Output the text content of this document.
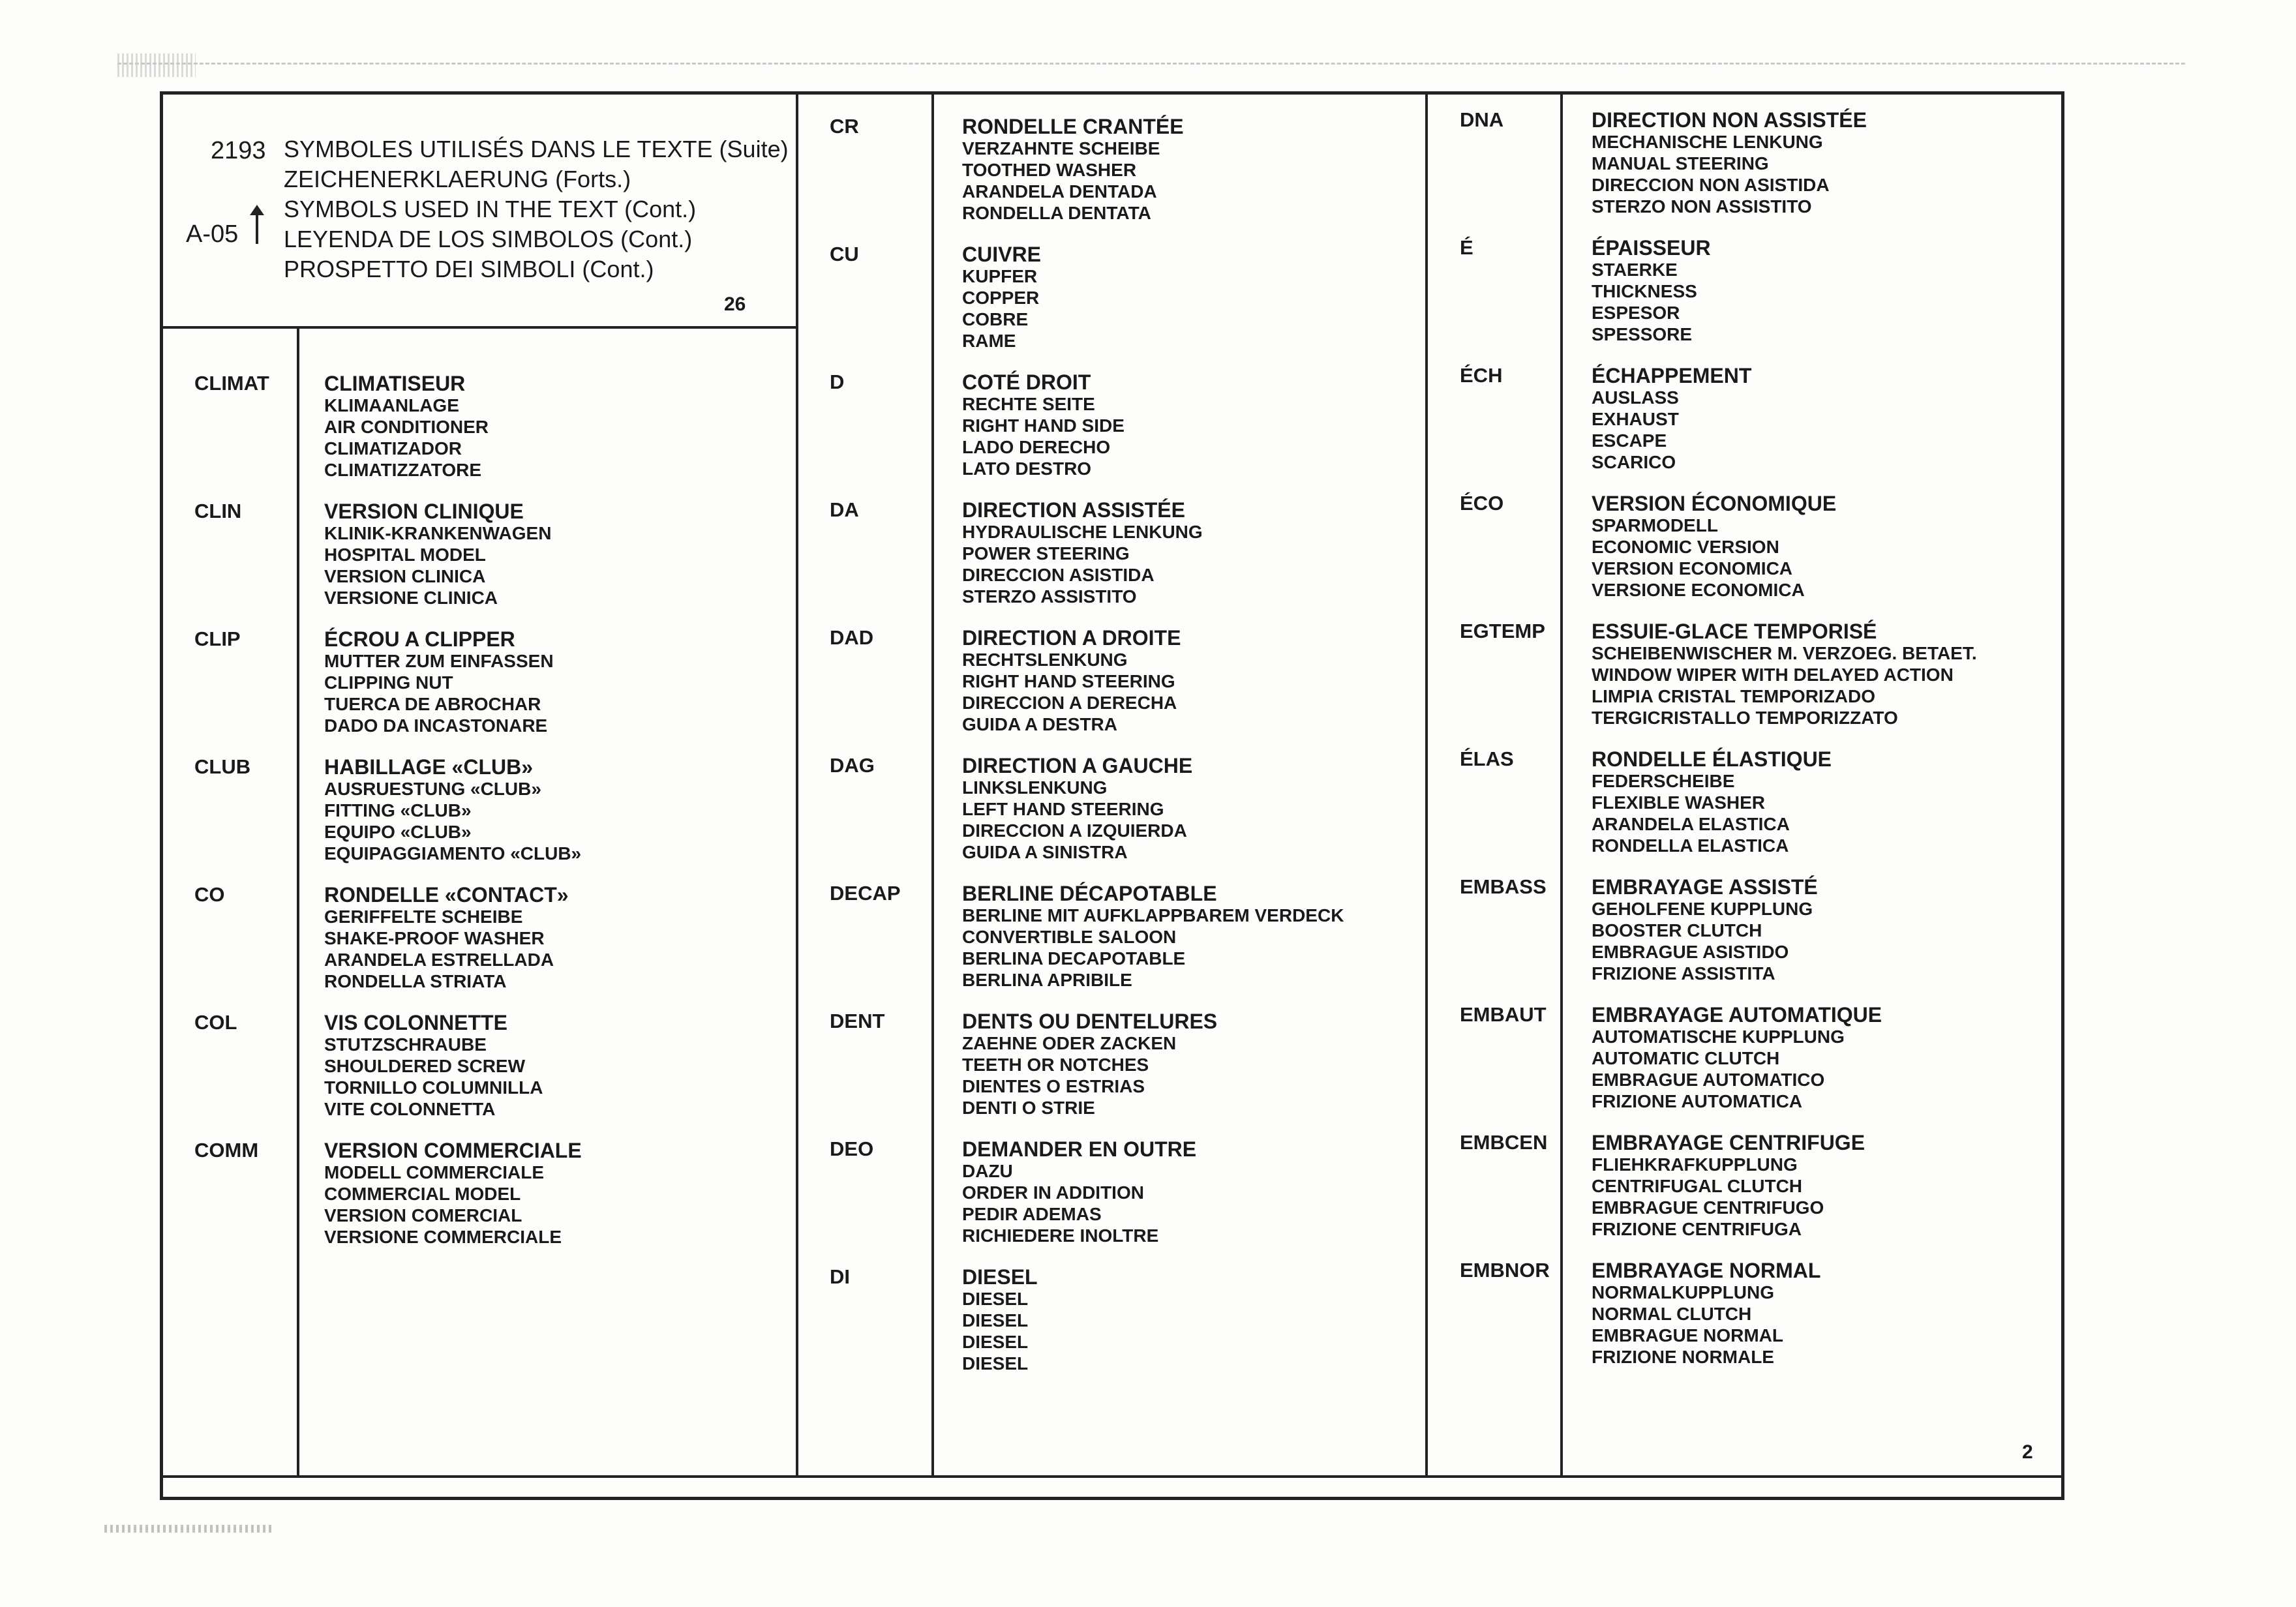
2193
A-05
SYMBOLES UTILISÉS DANS LE TEXTE (Suite)
ZEICHENERKLAERUNG (Forts.)
SYMBOLS USED IN THE TEXT (Cont.)
LEYENDA DE LOS SIMBOLOS (Cont.)
PROSPETTO DEI SIMBOLI (Cont.)
26
CLIMAT	CLIMATISEUR
KLIMAANLAGE
AIR CONDITIONER
CLIMATIZADOR
CLIMATIZZATORE
CLIN	VERSION CLINIQUE
KLINIK-KRANKENWAGEN
HOSPITAL MODEL
VERSION CLINICA
VERSIONE CLINICA
CLIP	ÉCROU A CLIPPER
MUTTER ZUM EINFASSEN
CLIPPING NUT
TUERCA DE ABROCHAR
DADO DA INCASTONARE
CLUB	HABILLAGE «CLUB»
AUSRUESTUNG «CLUB»
FITTING «CLUB»
EQUIPO «CLUB»
EQUIPAGGIAMENTO «CLUB»
CO	RONDELLE «CONTACT»
GERIFFELTE SCHEIBE
SHAKE-PROOF WASHER
ARANDELA ESTRELLADA
RONDELLA STRIATA
COL	VIS COLONNETTE
STUTZSCHRAUBE
SHOULDERED SCREW
TORNILLO COLUMNILLA
VITE COLONNETTA
COMM	VERSION COMMERCIALE
MODELL COMMERCIALE
COMMERCIAL MODEL
VERSION COMERCIAL
VERSIONE COMMERCIALE
CR	RONDELLE CRANTÉE
VERZAHNTE SCHEIBE
TOOTHED WASHER
ARANDELA DENTADA
RONDELLA DENTATA
CU	CUIVRE
KUPFER
COPPER
COBRE
RAME
D	COTÉ DROIT
RECHTE SEITE
RIGHT HAND SIDE
LADO DERECHO
LATO DESTRO
DA	DIRECTION ASSISTÉE
HYDRAULISCHE LENKUNG
POWER STEERING
DIRECCION ASISTIDA
STERZO ASSISTITO
DAD	DIRECTION A DROITE
RECHTSLENKUNG
RIGHT HAND STEERING
DIRECCION A DERECHA
GUIDA A DESTRA
DAG	DIRECTION A GAUCHE
LINKSLENKUNG
LEFT HAND STEERING
DIRECCION A IZQUIERDA
GUIDA A SINISTRA
DECAP	BERLINE DÉCAPOTABLE
BERLINE MIT AUFKLAPPBAREM VERDECK
CONVERTIBLE SALOON
BERLINA DECAPOTABLE
BERLINA APRIBILE
DENT	DENTS OU DENTELURES
ZAEHNE ODER ZACKEN
TEETH OR NOTCHES
DIENTES O ESTRIAS
DENTI O STRIE
DEO	DEMANDER EN OUTRE
DAZU
ORDER IN ADDITION
PEDIR ADEMAS
RICHIEDERE INOLTRE
DI	DIESEL
DIESEL
DIESEL
DIESEL
DIESEL
DNA	DIRECTION NON ASSISTÉE
MECHANISCHE LENKUNG
MANUAL STEERING
DIRECCION NON ASISTIDA
STERZO NON ASSISTITO
É	ÉPAISSEUR
STAERKE
THICKNESS
ESPESOR
SPESSORE
ÉCH	ÉCHAPPEMENT
AUSLASS
EXHAUST
ESCAPE
SCARICO
ÉCO	VERSION ÉCONOMIQUE
SPARMODELL
ECONOMIC VERSION
VERSION ECONOMICA
VERSIONE ECONOMICA
EGTEMP ESSUIE-GLACE TEMPORISÉ
SCHEIBENWISCHER M. VERZOEG. BETAET.
WINDOW WIPER WITH DELAYED ACTION
LIMPIA CRISTAL TEMPORIZADO
TERGICRISTALLO TEMPORIZZATO
ÉLAS	RONDELLE ÉLASTIQUE
FEDERSCHEIBE
FLEXIBLE WASHER
ARANDELA ELASTICA
RONDELLA ELASTICA
EMBASS EMBRAYAGE ASSISTÉ
GEHOLFENE KUPPLUNG
BOOSTER CLUTCH
EMBRAGUE ASISTIDO
FRIZIONE ASSISTITA
EMBAUT EMBRAYAGE AUTOMATIQUE
AUTOMATISCHE KUPPLUNG
AUTOMATIC CLUTCH
EMBRAGUE AUTOMATICO
FRIZIONE AUTOMATICA
EMBCEN EMBRAYAGE CENTRIFUGE
FLIEHKRAFKUPPLUNG
CENTRIFUGAL CLUTCH
EMBRAGUE CENTRIFUGO
FRIZIONE CENTRIFUGA
EMBNOR EMBRAYAGE NORMAL
NORMALKUPPLUNG
NORMAL CLUTCH
EMBRAGUE NORMAL
FRIZIONE NORMALE
2
